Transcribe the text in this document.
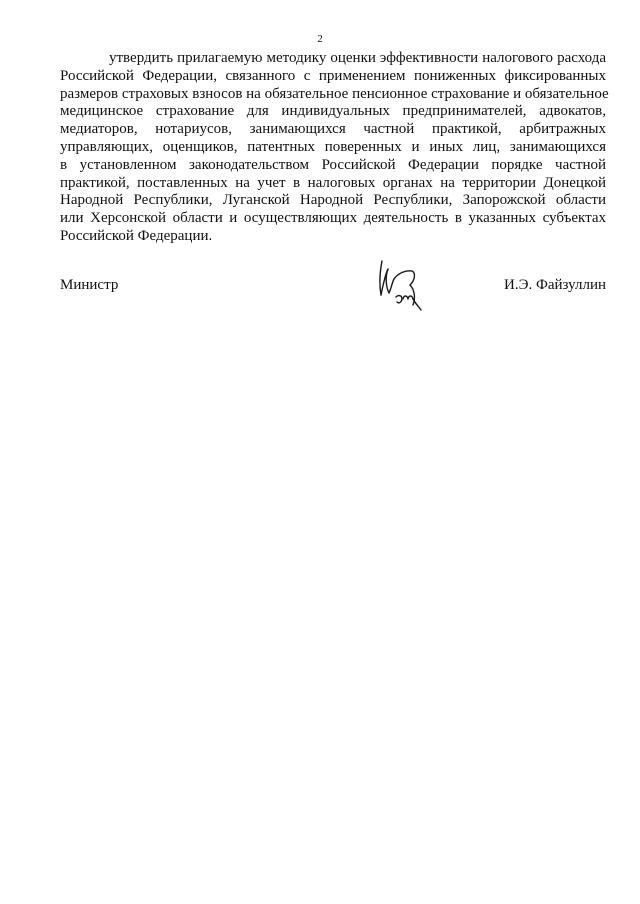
2
утвердить прилагаемую методику оценки эффективности налогового расхода
Российской Федерации, связанного с применением пониженных фиксированных
размеров страховых взносов на обязательное пенсионное страхование и обязательное
медицинское страхование для индивидуальных предпринимателей, адвокатов,
медиаторов, нотариусов, занимающихся частной практикой, арбитражных
управляющих, оценщиков, патентных поверенных и иных лиц, занимающихся
в установленном законодательством Российской Федерации порядке частной
практикой, поставленных на учет в налоговых органах на территории Донецкой
Народной Республики, Луганской Народной Республики, Запорожской области
или Херсонской области и осуществляющих деятельность в указанных субъектах
Российской Федерации.
Министр	И.Э. Файзуллин
